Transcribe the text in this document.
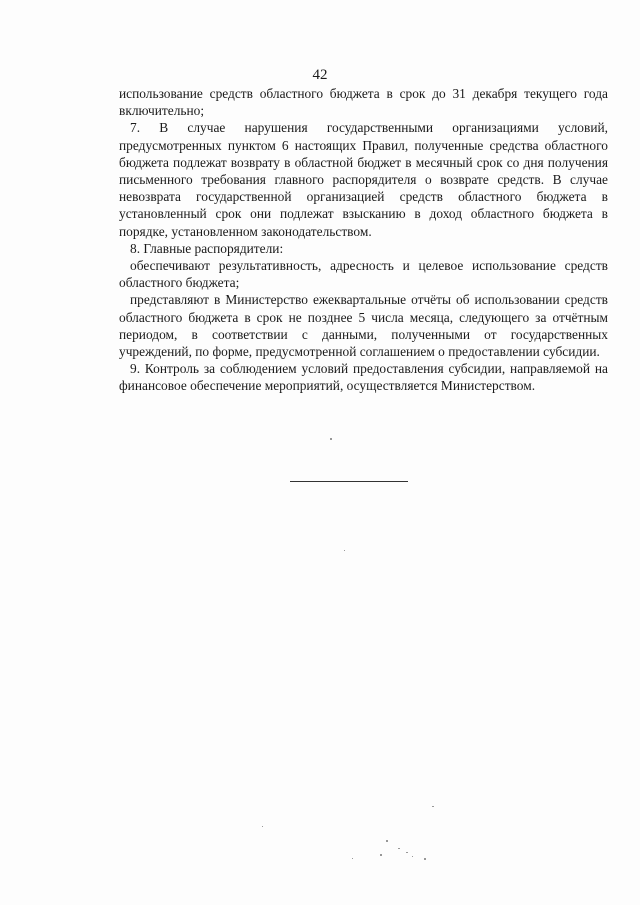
42

использование средств областного бюджета в срок до 31 декабря текущего года включительно;

7. В случае нарушения государственными организациями условий, предусмотренных пунктом 6 настоящих Правил, полученные средства областного бюджета подлежат возврату в областной бюджет в месячный срок со дня получения письменного требования главного распорядителя о возврате средств. В случае невозврата государственной организацией средств областного бюджета в установленный срок они подлежат взысканию в доход областного бюджета в порядке, установленном законодательством.

8. Главные распорядители:

обеспечивают результативность, адресность и целевое использование средств областного бюджета;

представляют в Министерство ежеквартальные отчёты об использовании средств областного бюджета в срок не позднее 5 числа месяца, следующего за отчётным периодом, в соответствии с данными, полученными от государственных учреждений, по форме, предусмотренной соглашением о предоставлении субсидии.

9. Контроль за соблюдением условий предоставления субсидии, направляемой на финансовое обеспечение мероприятий, осуществляется Министерством.
